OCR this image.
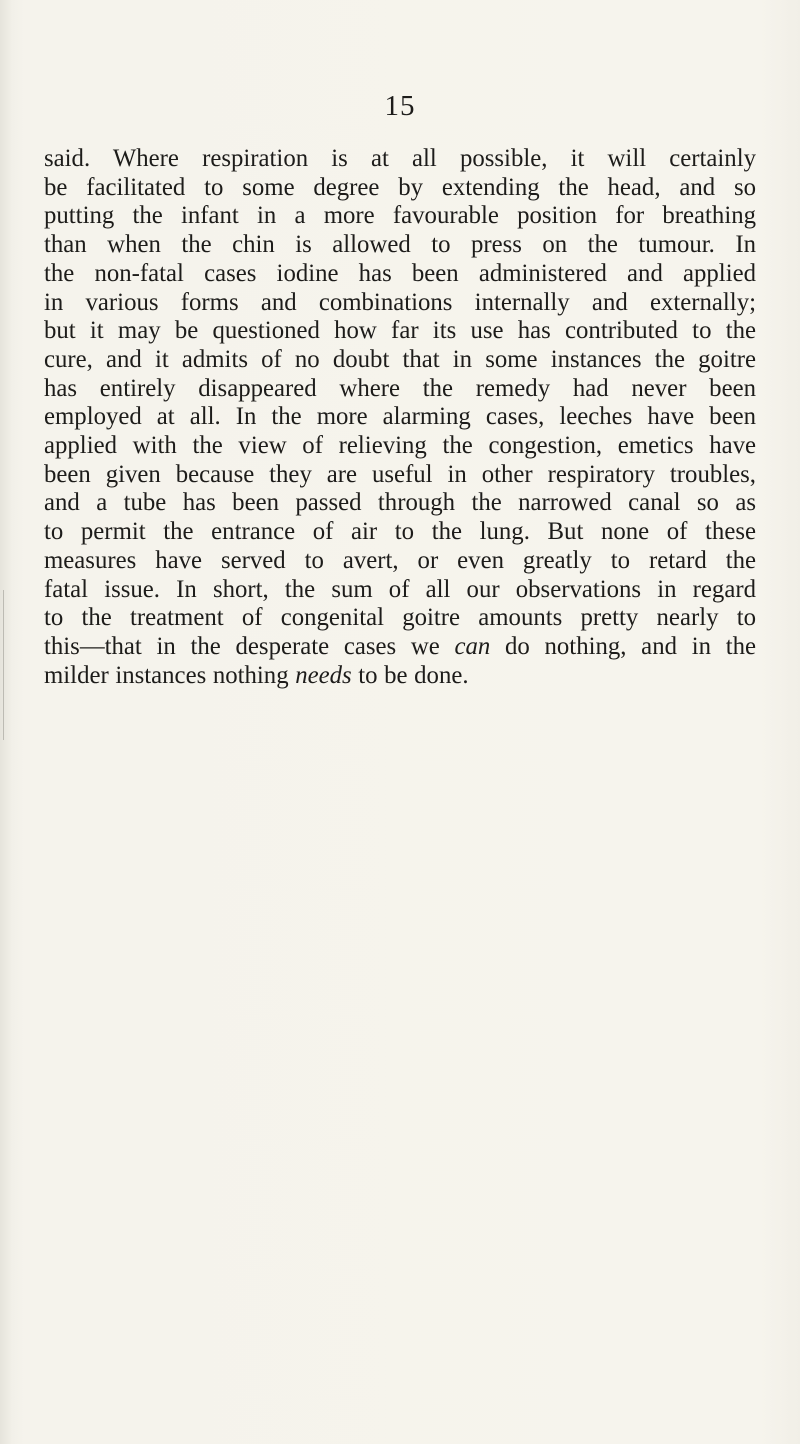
15
said. Where respiration is at all possible, it will certainly
be facilitated to some degree by extending the head, and so
putting the infant in a more favourable position for breathing
than when the chin is allowed to press on the tumour. In
the non-fatal cases iodine has been administered and applied
in various forms and combinations internally and externally;
but it may be questioned how far its use has contributed to the
cure, and it admits of no doubt that in some instances the goitre
has entirely disappeared where the remedy had never been
employed at all. In the more alarming cases, leeches have been
applied with the view of relieving the congestion, emetics have
been given because they are useful in other respiratory troubles,
and a tube has been passed through the narrowed canal so as
to permit the entrance of air to the lung. But none of these
measures have served to avert, or even greatly to retard the
fatal issue. In short, the sum of all our observations in regard
to the treatment of congenital goitre amounts pretty nearly to
this—that in the desperate cases we can do nothing, and in the
milder instances nothing needs to be done.
